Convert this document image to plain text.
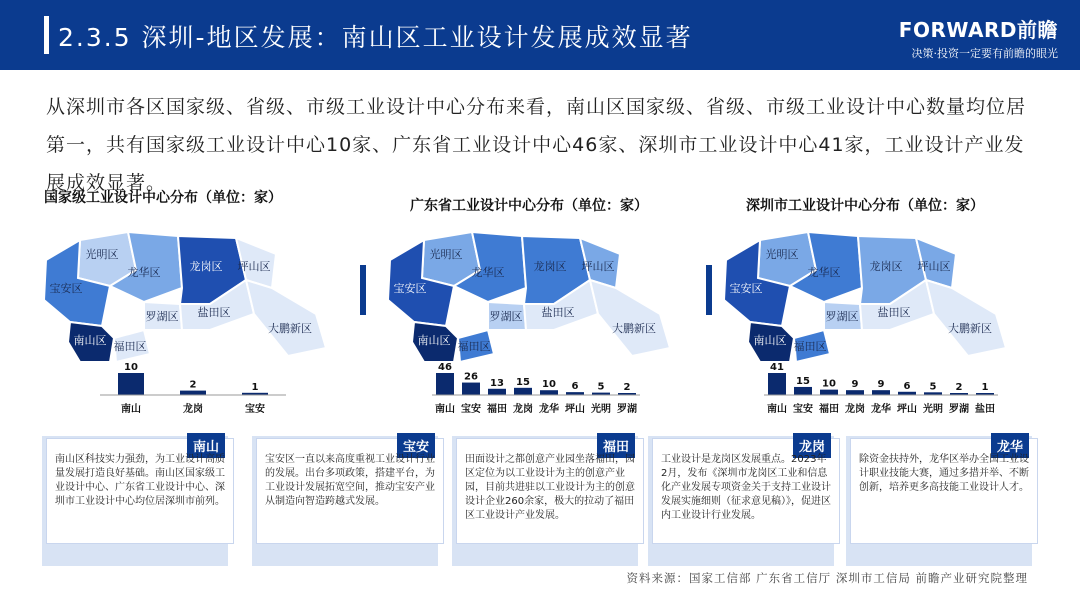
2.3.5 深圳-地区发展：南山区工业设计发展成效显著	FORWARD前瞻
决策·投资一定要有前瞻的眼光
从深圳市各区国家级、省级、市级工业设计中心分布来看，南山区国家级、省级、市级工业设计中心数量均位居第一，共有国家级工业设计中心10家、广东省工业设计中心46家、深圳市工业设计中心41家，工业设计产业发展成效显著。
国家级工业设计中心分布（单位：家）
光明区
龙华区
宝安区
南山区 福田区
罗湖区
龙岗区 坪山区
盐田区
大鹏新区
广东省工业设计中心分布（单位：家）
光明区
龙华区
宝安区
南山区 福田区
罗湖区
龙岗区 坪山区
盐田区
大鹏新区
深圳市工业设计中心分布（单位：家）
光明区
龙华区
宝安区
南山区 福田区
罗湖区
龙岗区 坪山区
盐田区
大鹏新区
10
南山
2
龙岗
1
宝安
46
南山
26
宝安
13
福田
15
龙岗
10
龙华
6
坪山
5
光明
2
罗湖
41
南山
15
宝安
10
福田
9
龙岗
9
龙华
6
坪山
5
光明
2
罗湖
1
盐田
南山
南山区科技实力强劲，为工业设计高质量发展打造良好基础。南山区国家级工业设计中心、广东省工业设计中心、深圳市工业设计中心均位居深圳市前列。
宝安
宝安区一直以来高度重视工业设计行业的发展。出台多项政策，搭建平台，为工业设计发展拓宽空间，推动宝安产业从制造向智造跨越式发展。
福田
田面设计之都创意产业园坐落福田，园区定位为以工业设计为主的创意产业园，目前共进驻以工业设计为主的创意设计企业260余家，极大的拉动了福田区工业设计产业发展。
龙岗
工业设计是龙岗区发展重点。2023年2月，发布《深圳市龙岗区工业和信息化产业发展专项资金关于支持工业设计发展实施细则（征求意见稿）》，促进区内工业设计行业发展。
龙华
除资金扶持外，龙华区举办全国工业设计职业技能大赛，通过多措并举、不断创新，培养更多高技能工业设计人才。
资料来源：国家工信部 广东省工信厅 深圳市工信局 前瞻产业研究院整理
